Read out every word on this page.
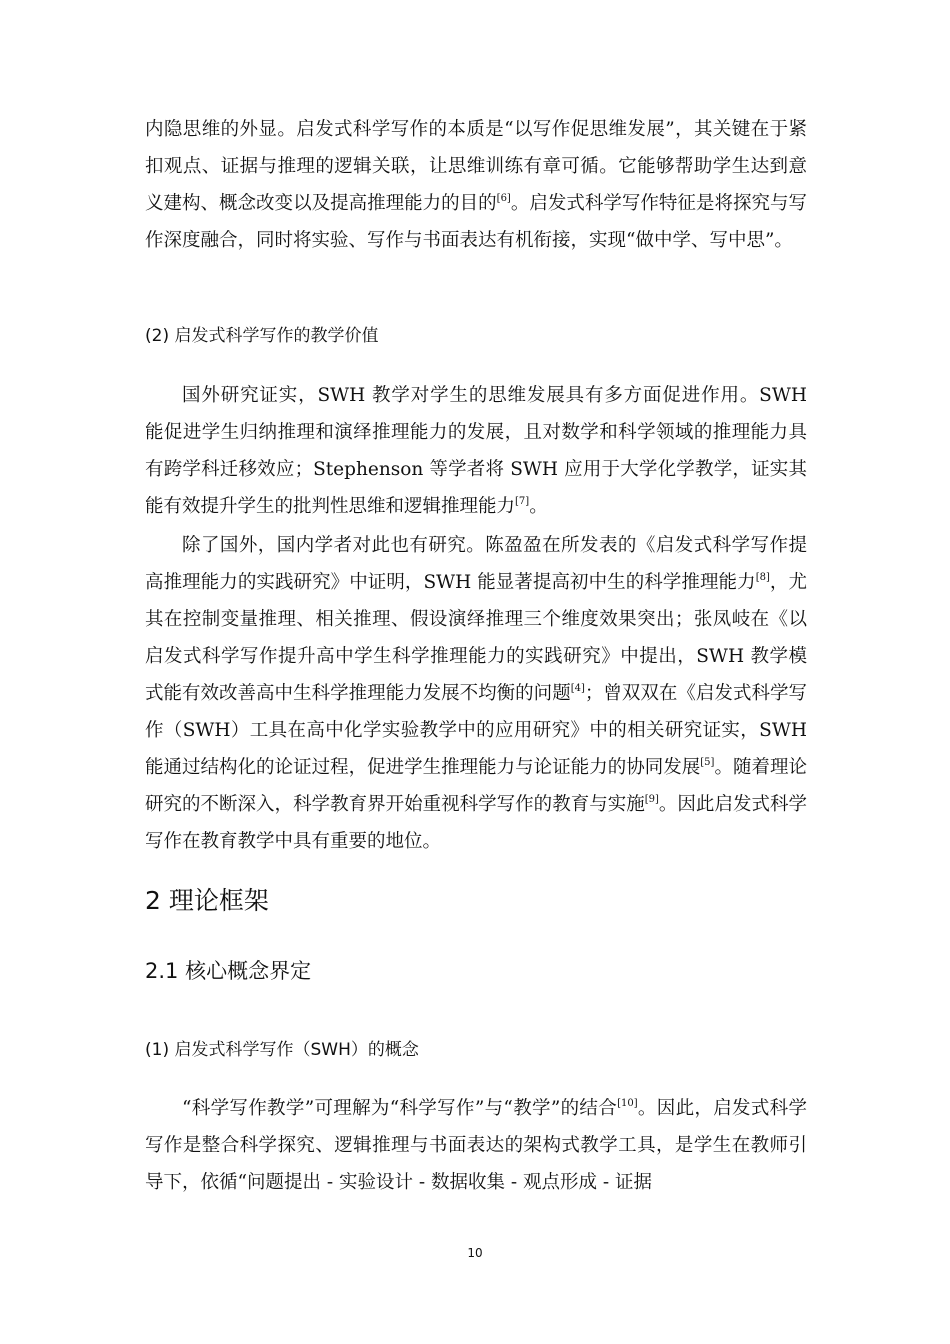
内隐思维的外显。启发式科学写作的本质是“以写作促思维发展”，其关键在于紧扣观点、证据与推理的逻辑关联，让思维训练有章可循。它能够帮助学生达到意义建构、概念改变以及提高推理能力的目的[6]。启发式科学写作特征是将探究与写作深度融合，同时将实验、写作与书面表达有机衔接，实现“做中学、写中思”。

(2) 启发式科学写作的教学价值

国外研究证实，SWH 教学对学生的思维发展具有多方面促进作用。SWH 能促进学生归纳推理和演绎推理能力的发展，且对数学和科学领域的推理能力具有跨学科迁移效应；Stephenson 等学者将 SWH 应用于大学化学教学，证实其能有效提升学生的批判性思维和逻辑推理能力[7]。

除了国外，国内学者对此也有研究。陈盈盈在所发表的《启发式科学写作提高推理能力的实践研究》中证明，SWH 能显著提高初中生的科学推理能力[8]，尤其在控制变量推理、相关推理、假设演绎推理三个维度效果突出；张凤岐在《以启发式科学写作提升高中学生科学推理能力的实践研究》中提出，SWH 教学模式能有效改善高中生科学推理能力发展不均衡的问题[4]；曾双双在《启发式科学写作（SWH）工具在高中化学实验教学中的应用研究》中的相关研究证实，SWH 能通过结构化的论证过程，促进学生推理能力与论证能力的协同发展[5]。随着理论研究的不断深入，科学教育界开始重视科学写作的教育与实施[9]。因此启发式科学写作在教育教学中具有重要的地位。

2 理论框架
2.1 核心概念界定
(1) 启发式科学写作（SWH）的概念

“科学写作教学”可理解为“科学写作”与“教学”的结合[10]。因此，启发式科学写作是整合科学探究、逻辑推理与书面表达的架构式教学工具，是学生在教师引导下，依循“问题提出 - 实验设计 - 数据收集 - 观点形成 - 证据

10
